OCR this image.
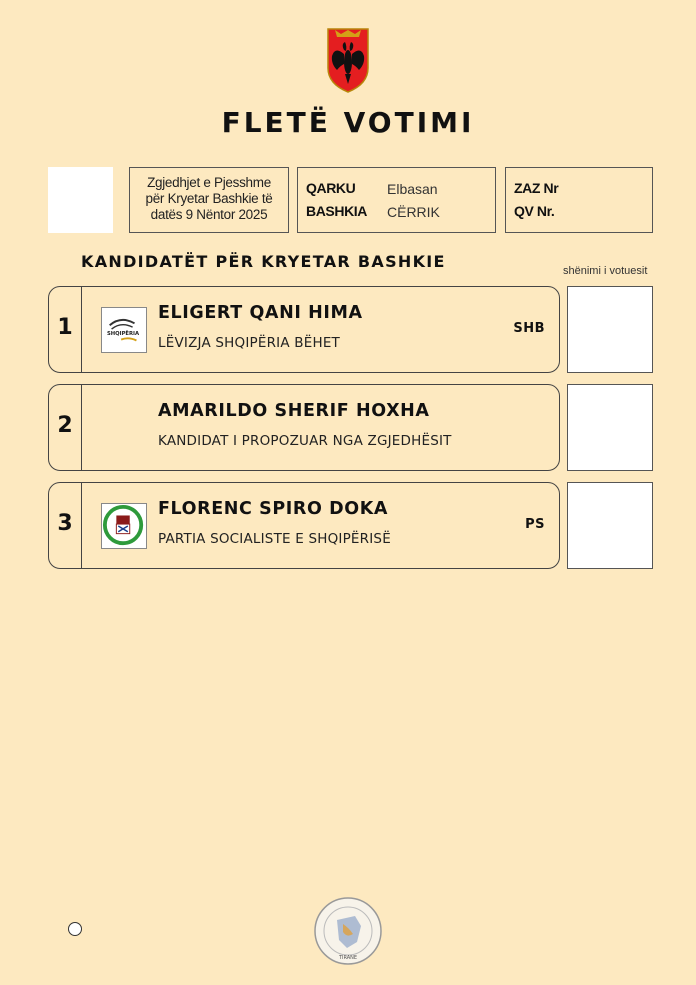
FLETË VOTIMI
Zgjedhjet e Pjesshme
për Kryetar Bashkie të
datës 9 Nëntor 2025
QARKU Elbasan
BASHKIA CËRRIK
ZAZ Nr
QV Nr.
KANDIDATËT PËR KRYETAR BASHKIE	shënimi i votuesit
1	SHQIPËRIA
ELIGERT QANI HIMA
LËVIZJA SHQIPËRIA BËHET
SHB
2
AMARILDO SHERIF HOXHA
KANDIDAT I PROPOZUAR NGA ZGJEDHËSIT
3
FLORENC SPIRO DOKA
PARTIA SOCIALISTE E SHQIPËRISË
PS
TIRANE
